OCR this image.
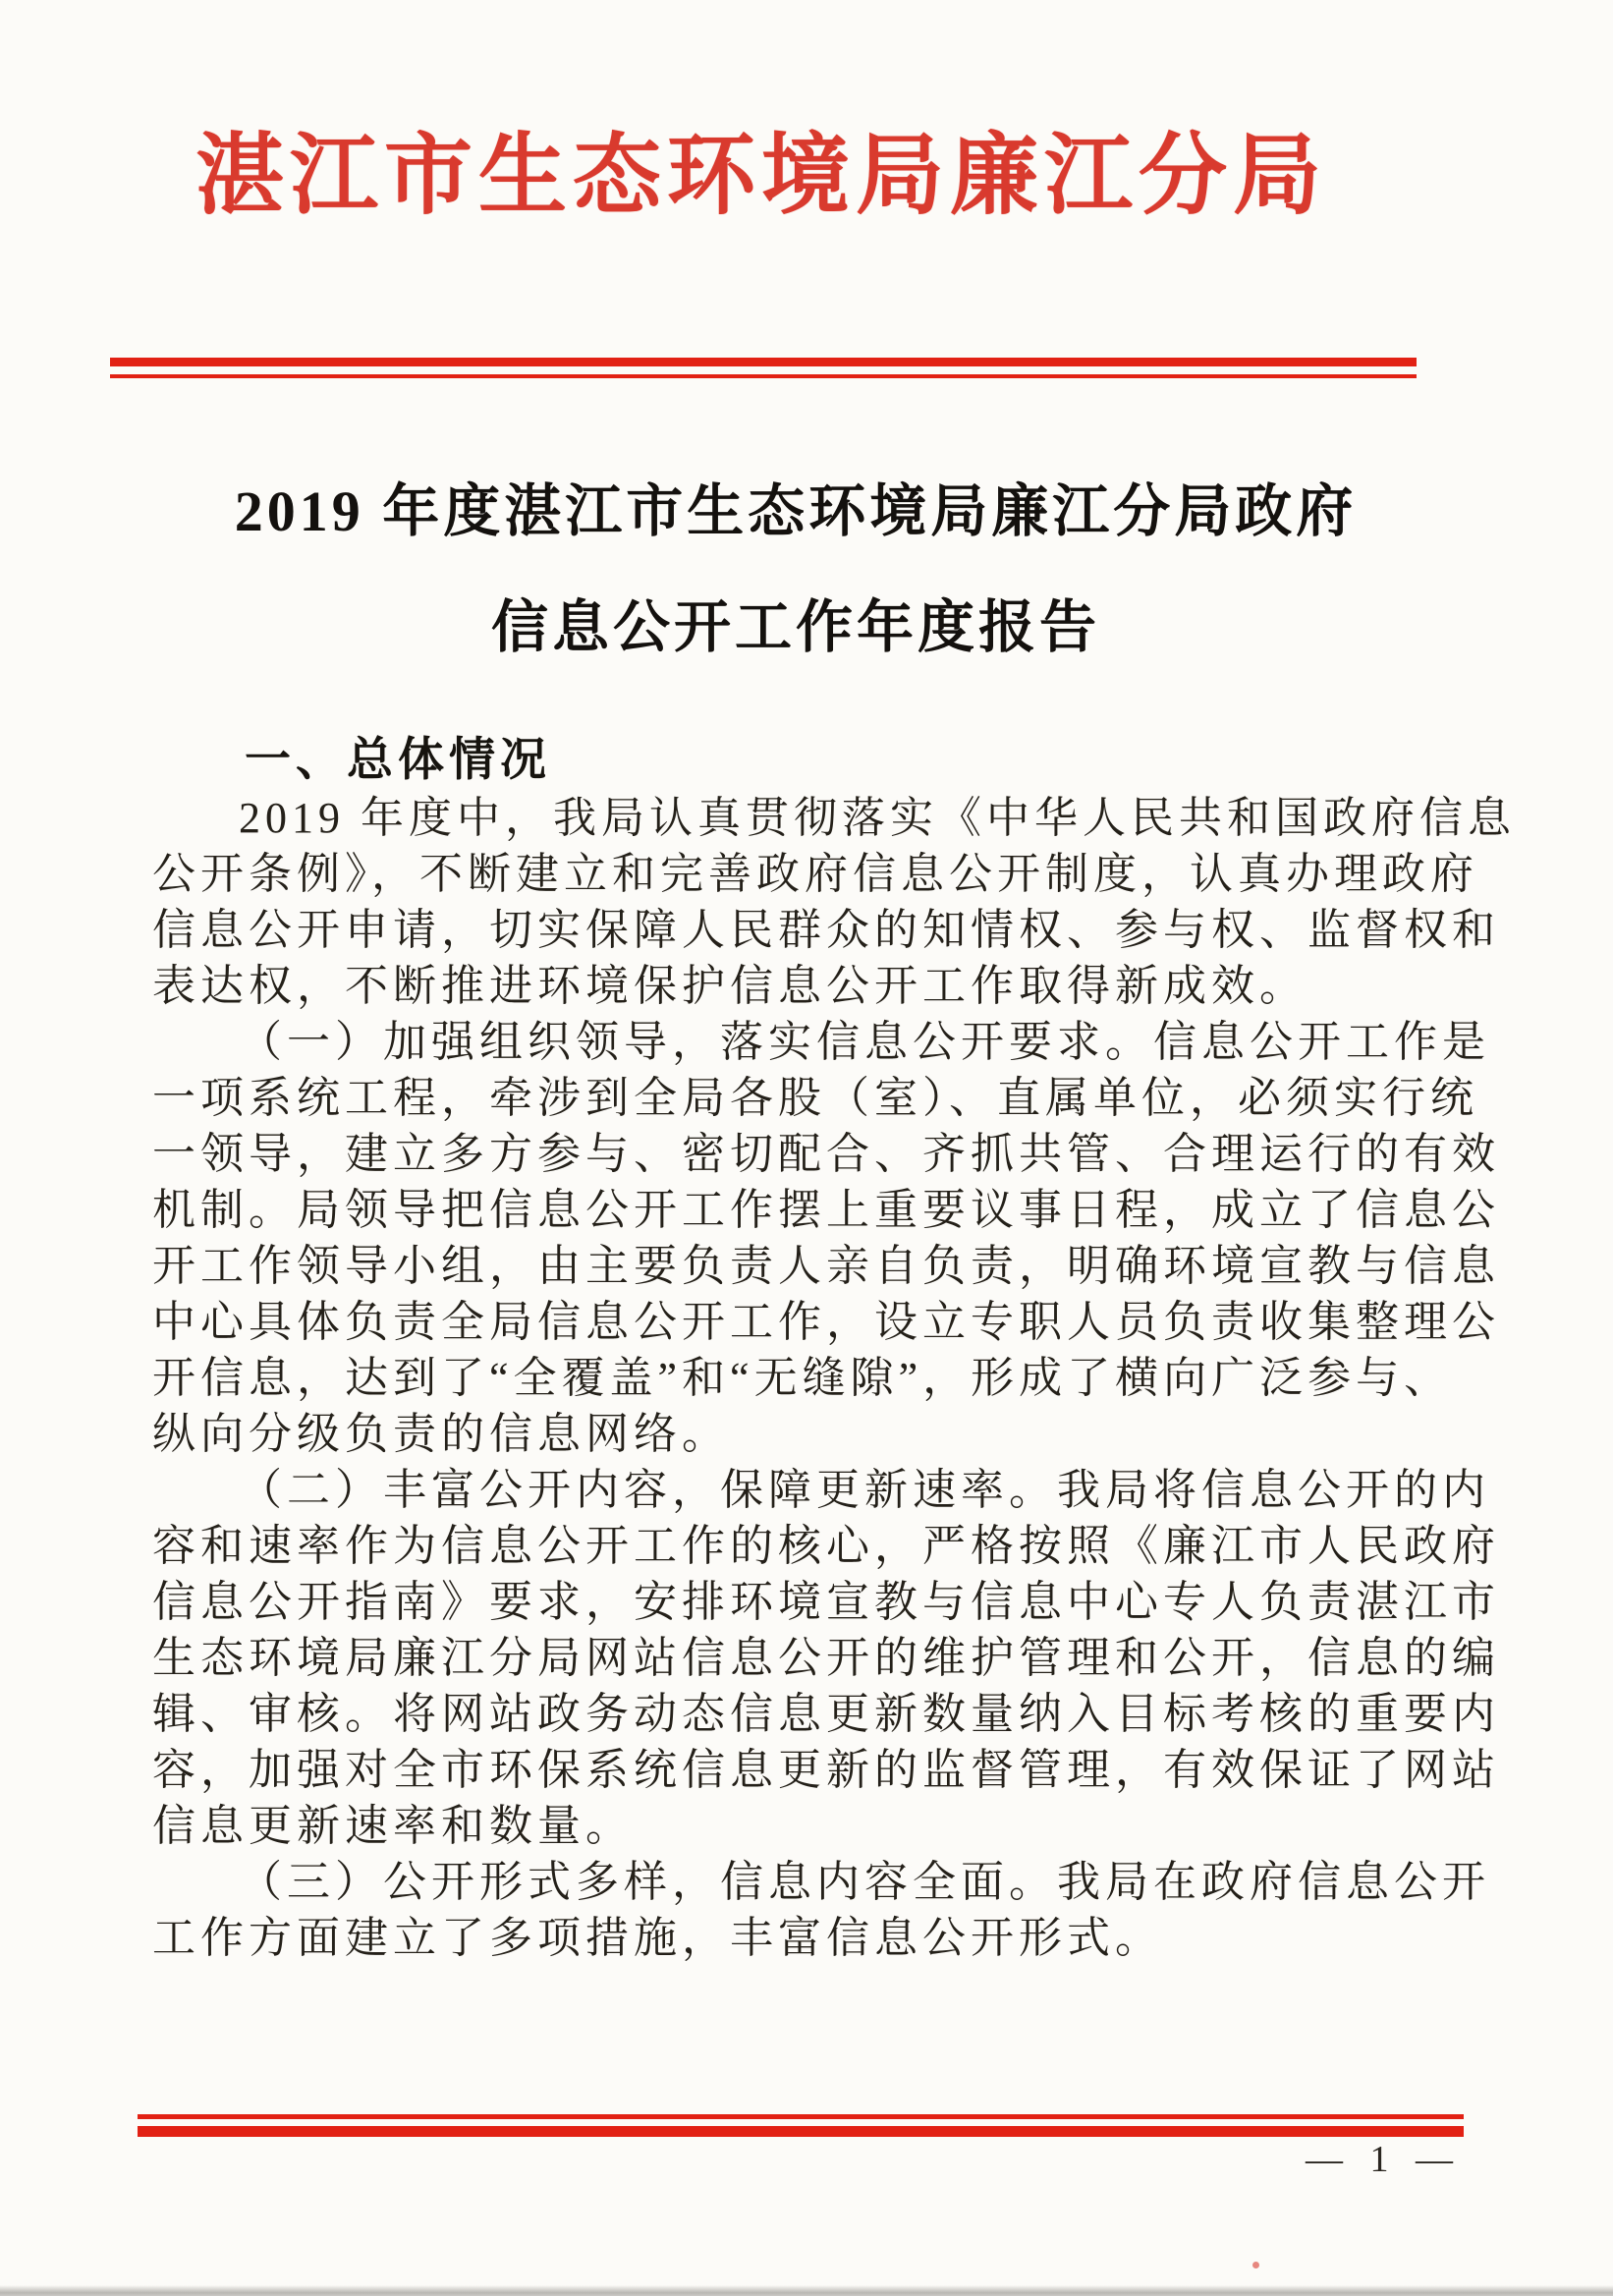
湛江市生态环境局廉江分局
2019 年度湛江市生态环境局廉江分局政府
信息公开工作年度报告
一、总体情况
2019 年度中，我局认真贯彻落实《中华人民共和国政府信息
公开条例》，不断建立和完善政府信息公开制度，认真办理政府
信息公开申请，切实保障人民群众的知情权、参与权、监督权和
表达权，不断推进环境保护信息公开工作取得新成效。
（一）加强组织领导，落实信息公开要求。信息公开工作是
一项系统工程，牵涉到全局各股（室）、直属单位，必须实行统
一领导，建立多方参与、密切配合、齐抓共管、合理运行的有效
机制。局领导把信息公开工作摆上重要议事日程，成立了信息公
开工作领导小组，由主要负责人亲自负责，明确环境宣教与信息
中心具体负责全局信息公开工作，设立专职人员负责收集整理公
开信息，达到了“全覆盖”和“无缝隙”，形成了横向广泛参与、
纵向分级负责的信息网络。
（二）丰富公开内容，保障更新速率。我局将信息公开的内
容和速率作为信息公开工作的核心，严格按照《廉江市人民政府
信息公开指南》要求，安排环境宣教与信息中心专人负责湛江市
生态环境局廉江分局网站信息公开的维护管理和公开，信息的编
辑、审核。将网站政务动态信息更新数量纳入目标考核的重要内
容，加强对全市环保系统信息更新的监督管理，有效保证了网站
信息更新速率和数量。
（三）公开形式多样，信息内容全面。我局在政府信息公开
工作方面建立了多项措施，丰富信息公开形式。
— 1 —
